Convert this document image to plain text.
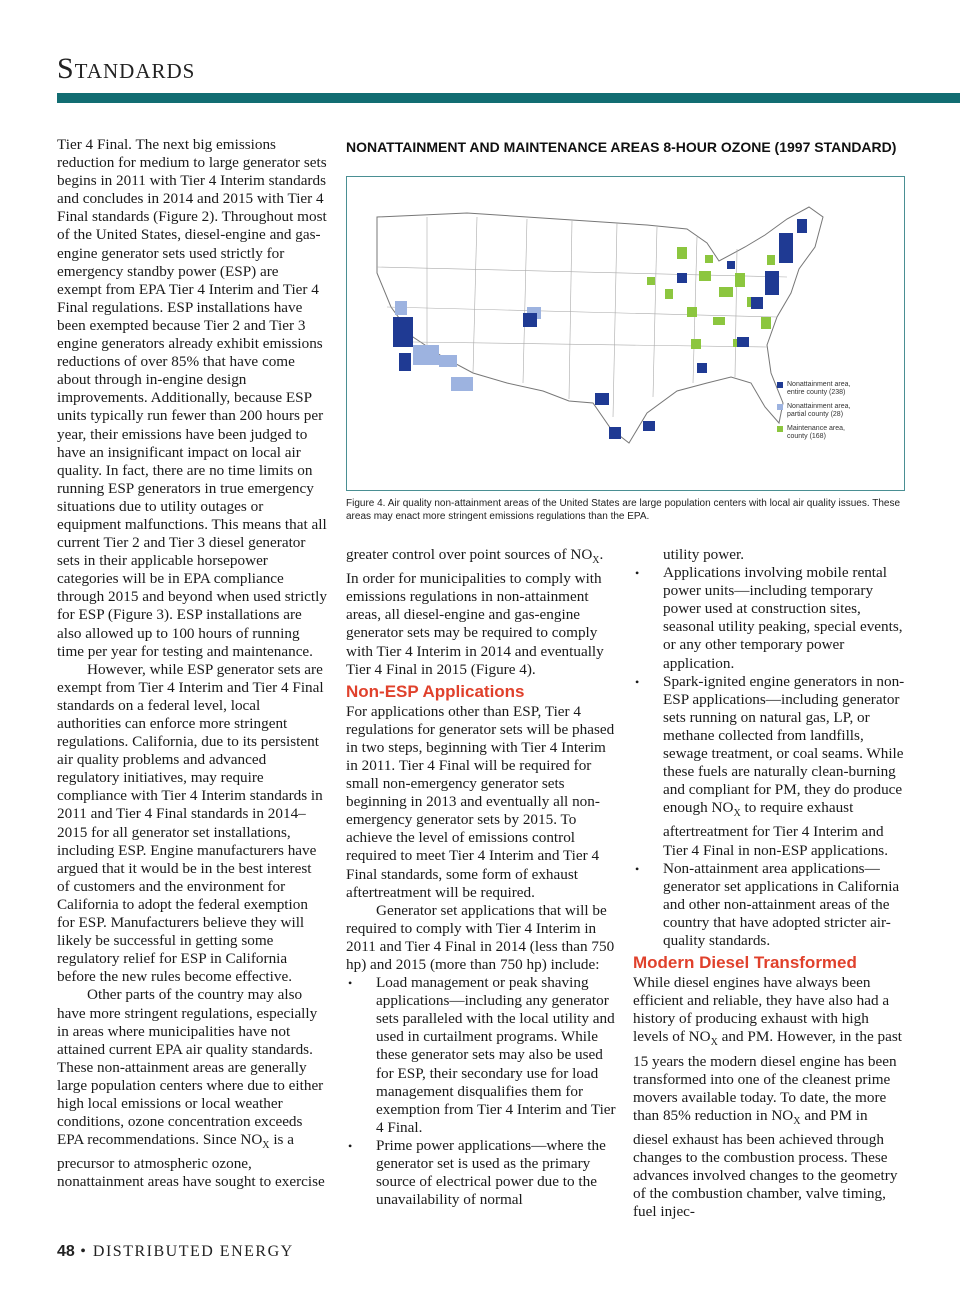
Standards

Tier 4 Final. The next big emissions reduction for medium to large generator sets begins in 2011 with Tier 4 Interim standards and concludes in 2014 and 2015 with Tier 4 Final standards (Figure 2). Throughout most of the United States, diesel-engine and gas-engine generator sets used strictly for emergency standby power (ESP) are exempt from EPA Tier 4 Interim and Tier 4 Final regulations. ESP installations have been exempted because Tier 2 and Tier 3 engine generators already exhibit emissions reductions of over 85% that have come about through in-engine design improvements. Additionally, because ESP units typically run fewer than 200 hours per year, their emissions have been judged to have an insignificant impact on local air quality. In fact, there are no time limits on running ESP generators in true emergency situations due to utility outages or equipment malfunctions. This means that all current Tier 2 and Tier 3 diesel generator sets in their applicable horsepower categories will be in EPA compliance through 2015 and beyond when used strictly for ESP (Figure 3). ESP installations are also allowed up to 100 hours of running time per year for testing and maintenance.

However, while ESP generator sets are exempt from Tier 4 Interim and Tier 4 Final standards on a federal level, local authorities can enforce more stringent regulations. California, due to its persistent air quality problems and advanced regulatory initiatives, may require compliance with Tier 4 Interim standards in 2011 and Tier 4 Final standards in 2014–2015 for all generator set installations, including ESP. Engine manufacturers have argued that it would be in the best interest of customers and the environment for California to adopt the federal exemption for ESP. Manufacturers believe they will likely be successful in getting some regulatory relief for ESP in California before the new rules become effective.

Other parts of the country may also have more stringent regulations, especially in areas where municipalities have not attained current EPA air quality standards. These non-attainment areas are generally large population centers where due to either high local emissions or local weather conditions, ozone concentration exceeds EPA recommendations. Since $NO_X$ is a precursor to atmospheric ozone, nonattainment areas have sought to exercise

NONATTAINMENT AND MAINTENANCE AREAS 8-HOUR OZONE (1997 STANDARD)
Nonattainment area,
entire county (238)
Nonattainment area,
partial county (28)
Maintenance area,
county (168)
Figure 4. Air quality non-attainment areas of the United States are large population centers with local air quality issues. These areas may enact more stringent emissions regulations than the EPA.

greater control over point sources of $NO_X$. In order for municipalities to comply with emissions regulations in non-attainment areas, all diesel-engine and gas-engine generator sets may be required to comply with Tier 4 Interim in 2014 and eventually Tier 4 Final in 2015 (Figure 4).

Non-ESP Applications

For applications other than ESP, Tier 4 regulations for generator sets will be phased in two steps, beginning with Tier 4 Interim in 2011. Tier 4 Final will be required for small non-emergency generator sets beginning in 2013 and eventually all non-emergency generator sets by 2015. To achieve the level of emissions control required to meet Tier 4 Interim and Tier 4 Final standards, some form of exhaust aftertreatment will be required.

Generator set applications that will be required to comply with Tier 4 Interim in 2011 and Tier 4 Final in 2014 (less than 750 hp) and 2015 (more than 750 hp) include:

• Load management or peak shaving applications—including any generator sets paralleled with the local utility and used in curtailment programs. While these generator sets may also be used for ESP, their secondary use for load management disqualifies them for exemption from Tier 4 Interim and Tier 4 Final.
• Prime power applications—where the generator set is used as the primary source of electrical power due to the unavailability of normal

utility power.

• Applications involving mobile rental power units—including temporary power used at construction sites, seasonal utility peaking, special events, or any other temporary power application.
• Spark-ignited engine generators in non-ESP applications—including generator sets running on natural gas, LP, or methane collected from landfills, sewage treatment, or coal seams. While these fuels are naturally clean-burning and compliant for PM, they do produce enough $NO_X$ to require exhaust aftertreatment for Tier 4 Interim and Tier 4 Final in non-ESP applications.
• Non-attainment area applications—generator set applications in California and other non-attainment areas of the country that have adopted stricter air-quality standards.
Modern Diesel Transformed

While diesel engines have always been efficient and reliable, they have also had a history of producing exhaust with high levels of $NO_X$ and PM. However, in the past 15 years the modern diesel engine has been transformed into one of the cleanest prime movers available today. To date, the more than 85% reduction in $NO_X$ and PM in diesel exhaust has been achieved through changes to the combustion process. These advances involved changes to the geometry of the combustion chamber, valve timing, fuel injec-

48 • DISTRIBUTED ENERGY
